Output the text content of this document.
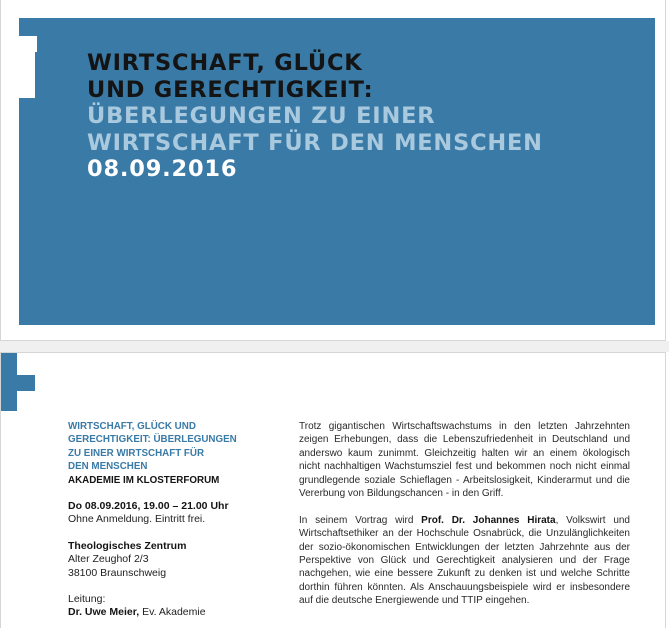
WIRTSCHAFT, GLÜCK
UND GERECHTIGKEIT:
ÜBERLEGUNGEN ZU EINER
WIRTSCHAFT FÜR DEN MENSCHEN
08.09.2016
WIRTSCHAFT, GLÜCK UND
GERECHTIGKEIT: ÜBERLEGUNGEN
ZU EINER WIRTSCHAFT FÜR
DEN MENSCHEN
AKADEMIE IM KLOSTERFORUM
Do 08.09.2016, 19.00 – 21.00 Uhr
Ohne Anmeldung. Eintritt frei.
Theologisches Zentrum
Alter Zeughof 2/3
38100 Braunschweig
Leitung:
Dr. Uwe Meier, Ev. Akademie

Trotz gigantischen Wirtschaftswachstums in den letzten Jahrzehnten zeigen Erhebungen, dass die Lebenszufriedenheit in Deutschland und anderswo kaum zunimmt. Gleichzeitig halten wir an einem ökologisch nicht nachhaltigen Wachstumsziel fest und bekommen noch nicht einmal grundlegende soziale Schieflagen - Arbeitslosigkeit, Kinderarmut und die Vererbung von Bildungschancen - in den Griff.

In seinem Vortrag wird Prof. Dr. Johannes Hirata, Volkswirt und Wirtschaftsethiker an der Hochschule Osnabrück, die Unzulänglichkeiten der sozio-ökonomischen Entwicklungen der letzten Jahrzehnte aus der Perspektive von Glück und Gerechtigkeit analysieren und der Frage nachgehen, wie eine bessere Zukunft zu denken ist und welche Schritte dorthin führen könnten. Als Anschauungsbeispiele wird er insbesondere auf die deutsche Energiewende und TTIP eingehen.
